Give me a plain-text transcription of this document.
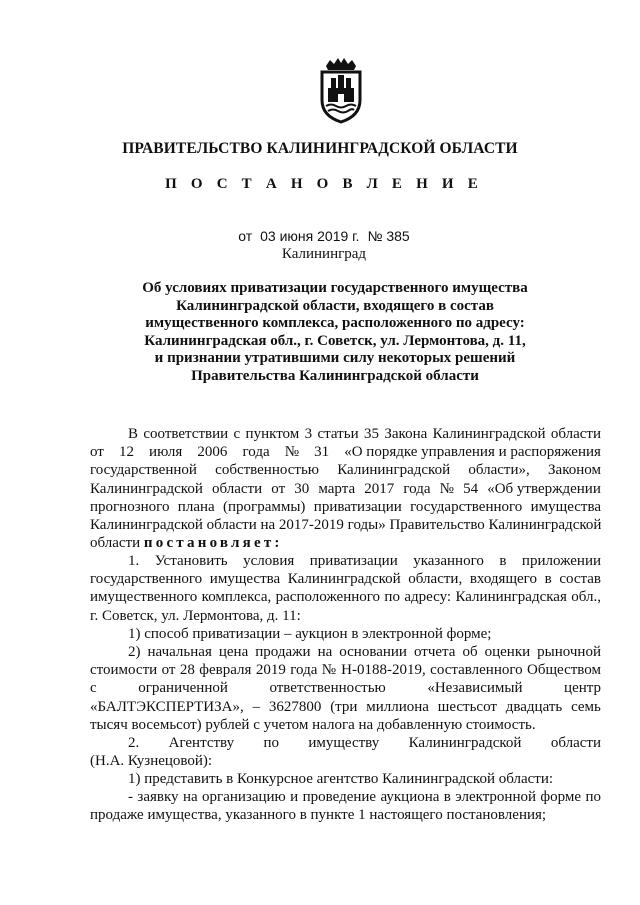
ПРАВИТЕЛЬСТВО КАЛИНИНГРАДСКОЙ ОБЛАСТИ
П О С Т А Н О В Л Е Н И Е
от 03 июня 2019 г. № 385
Калининград
Об условиях приватизации государственного имущества
Калининградской области, входящего в состав
имущественного комплекса, расположенного по адресу:
Калининградская обл., г. Советск, ул. Лермонтова, д. 11,
и признании утратившими силу некоторых решений
Правительства Калининградской области
В соответствии с пунктом 3 статьи 35 Закона Калининградской области
от 12 июля 2006 года № 31 «О порядке управления и распоряжения
государственной собственностью Калининградской области», Законом
Калининградской области от 30 марта 2017 года № 54 «Об утверждении
прогнозного плана (программы) приватизации государственного имущества
Калининградской области на 2017-2019 годы» Правительство Калининградской
области постановляет:
1. Установить условия приватизации указанного в приложении
государственного имущества Калининградской области, входящего в состав
имущественного комплекса, расположенного по адресу: Калининградская обл.,
г. Советск, ул. Лермонтова, д. 11:
1) способ приватизации – аукцион в электронной форме;
2) начальная цена продажи на основании отчета об оценки рыночной
стоимости от 28 февраля 2019 года № Н-0188-2019, составленного Обществом
с	ограниченной	ответственностью	«Независимый	центр
«БАЛТЭКСПЕРТИЗА», – 3627800 (три миллиона шестьсот двадцать семь
тысяч восемьсот) рублей с учетом налога на добавленную стоимость.
2. Агентству по имуществу Калининградской области
(Н.А. Кузнецовой):
1) представить в Конкурсное агентство Калининградской области:
- заявку на организацию и проведение аукциона в электронной форме по
продаже имущества, указанного в пункте 1 настоящего постановления;
